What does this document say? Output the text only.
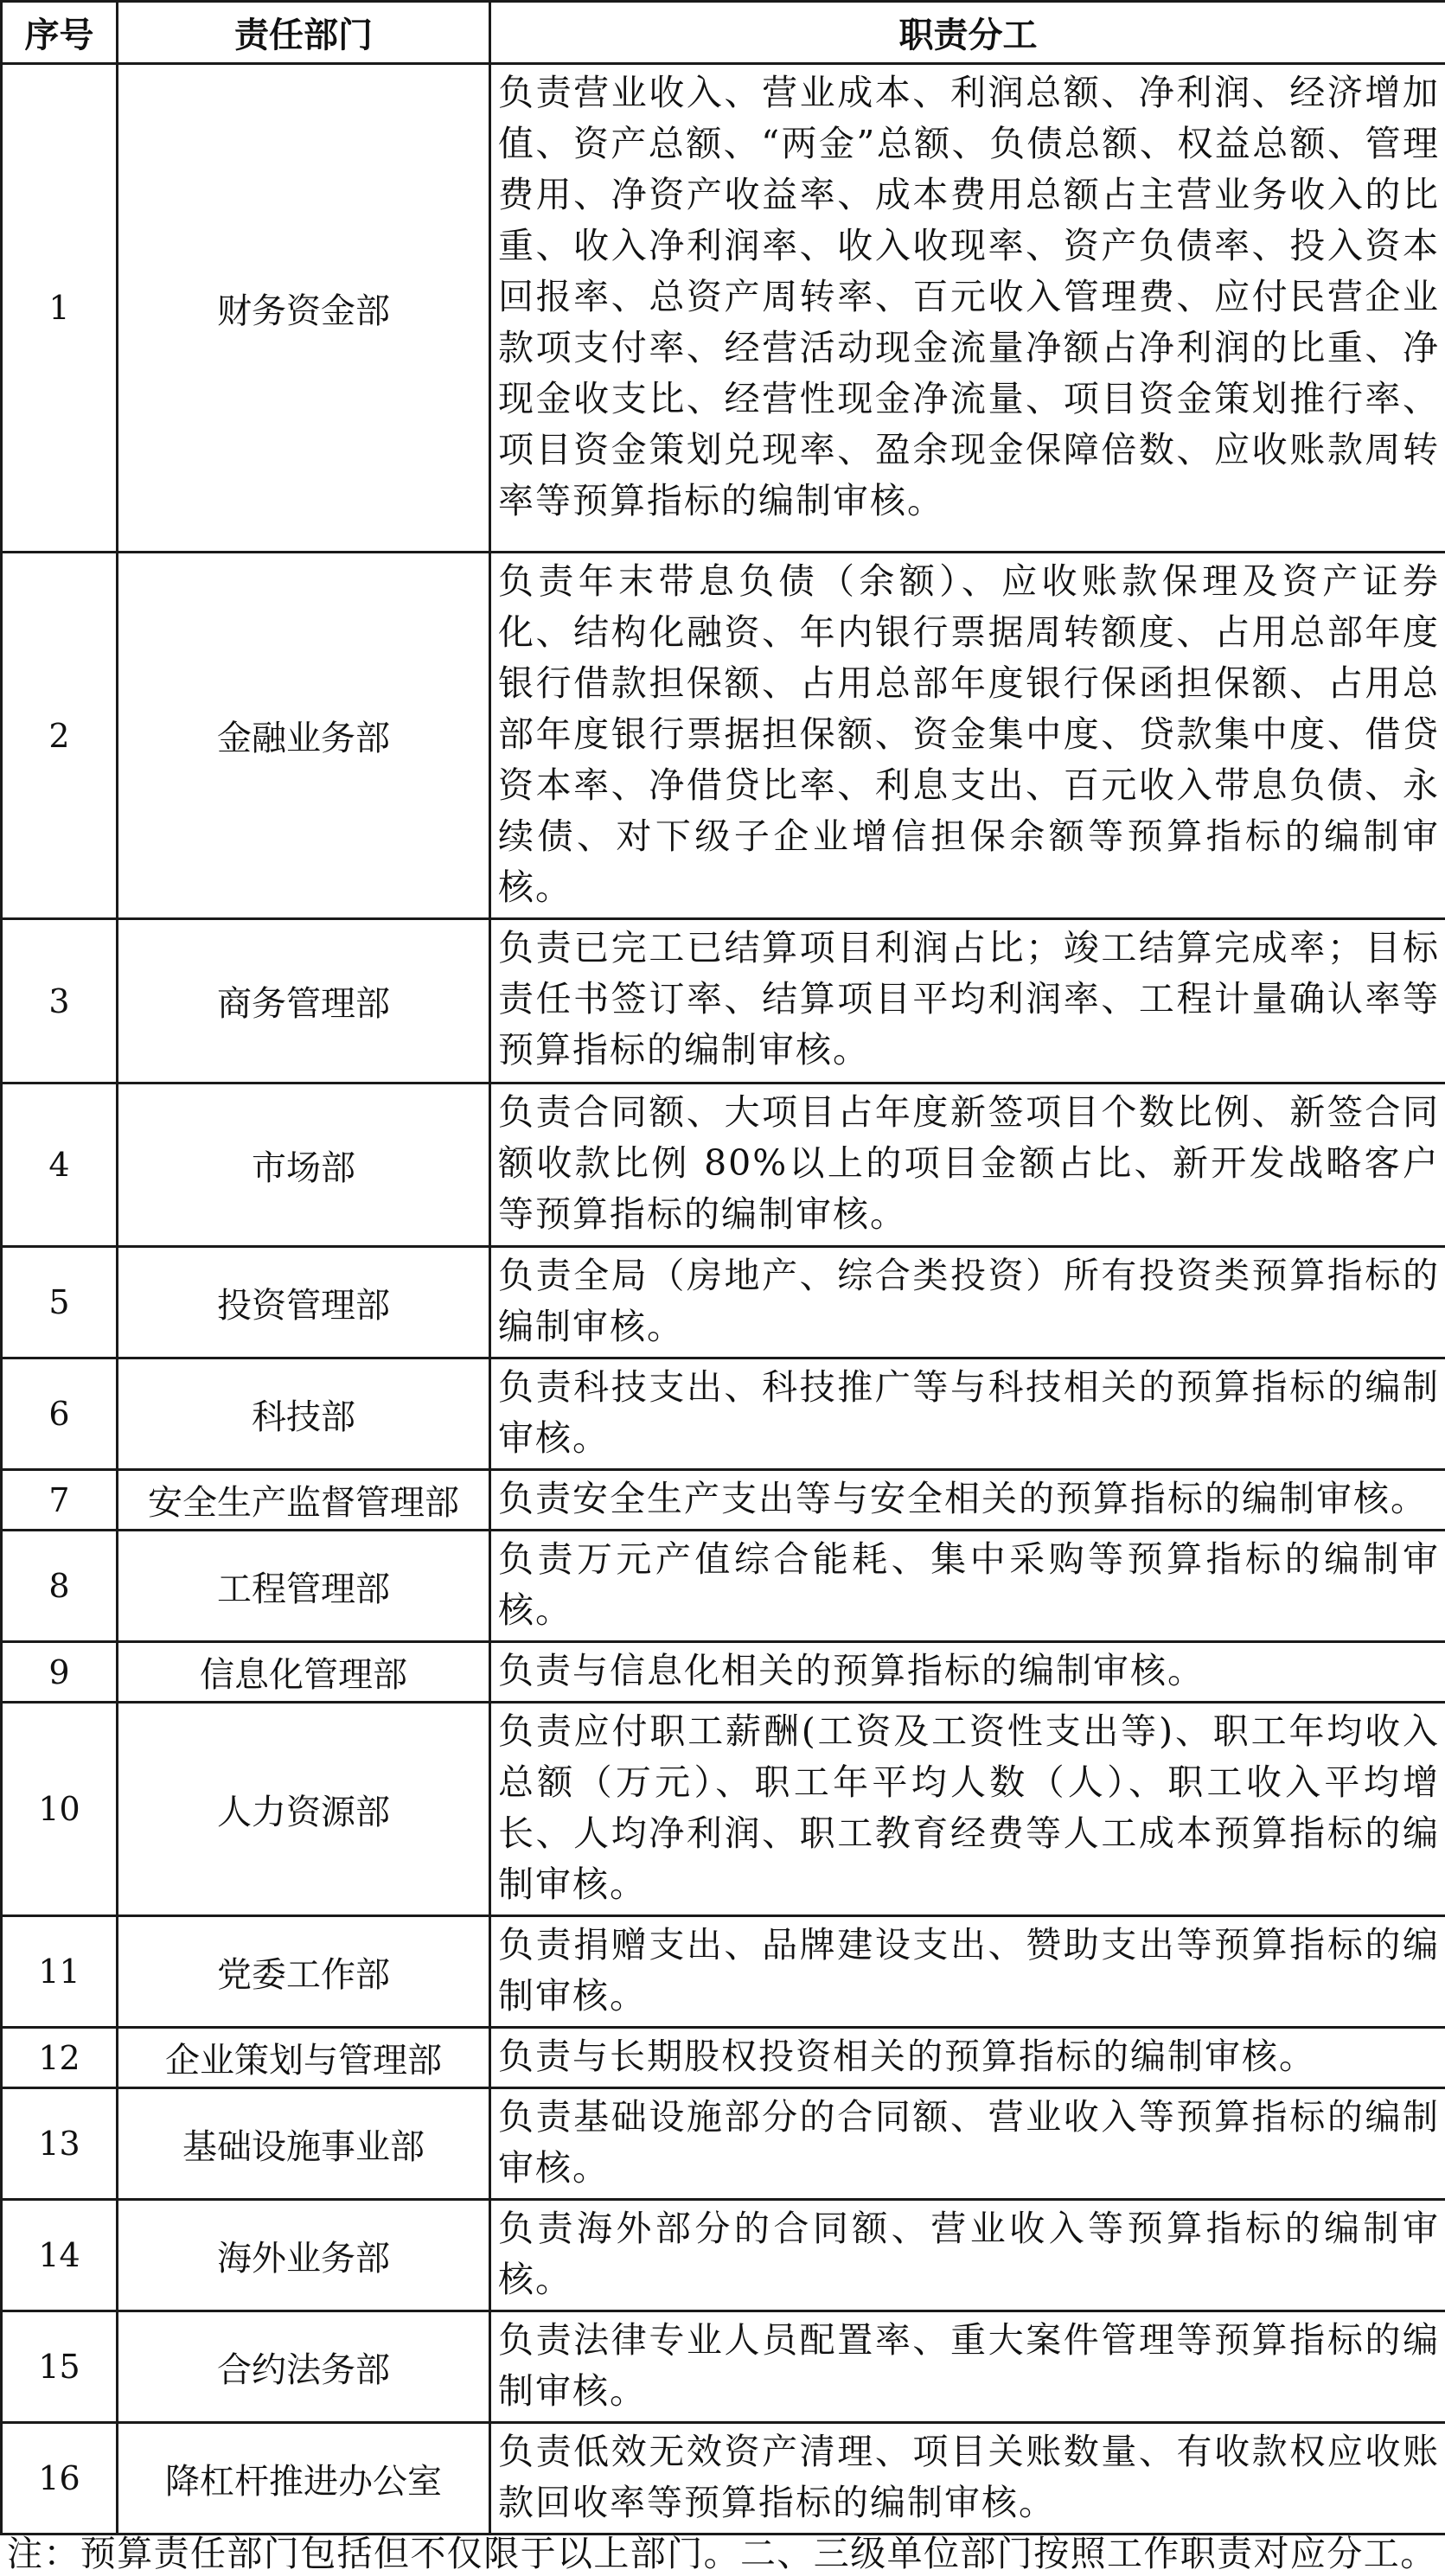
序号	责任部门	职责分工
1	财务资金部	负责营业收入、营业成本、利润总额、净利润、经济增加值、资产总额、“两金”总额、负债总额、权益总额、管理费用、净资产收益率、成本费用总额占主营业务收入的比重、收入净利润率、收入收现率、资产负债率、投入资本回报率、总资产周转率、百元收入管理费、应付民营企业款项支付率、经营活动现金流量净额占净利润的比重、净现金收支比、经营性现金净流量、项目资金策划推行率、项目资金策划兑现率、盈余现金保障倍数、应收账款周转率等预算指标的编制审核。
2	金融业务部	负责年末带息负债（余额）、应收账款保理及资产证券化、结构化融资、年内银行票据周转额度、占用总部年度银行借款担保额、占用总部年度银行保函担保额、占用总部年度银行票据担保额、资金集中度、贷款集中度、借贷资本率、净借贷比率、利息支出、百元收入带息负债、永续债、对下级子企业增信担保余额等预算指标的编制审核。
3	商务管理部	负责已完工已结算项目利润占比；竣工结算完成率；目标责任书签订率、结算项目平均利润率、工程计量确认率等预算指标的编制审核。
4	市场部	负责合同额、大项目占年度新签项目个数比例、新签合同额收款比例 80%以上的项目金额占比、新开发战略客户等预算指标的编制审核。
5	投资管理部	负责全局（房地产、综合类投资）所有投资类预算指标的编制审核。
6	科技部	负责科技支出、科技推广等与科技相关的预算指标的编制审核。
7	安全生产监督管理部	负责安全生产支出等与安全相关的预算指标的编制审核。
8	工程管理部	负责万元产值综合能耗、集中采购等预算指标的编制审核。
9	信息化管理部	负责与信息化相关的预算指标的编制审核。
10	人力资源部	负责应付职工薪酬(工资及工资性支出等)、职工年均收入总额（万元）、职工年平均人数（人）、职工收入平均增长、人均净利润、职工教育经费等人工成本预算指标的编制审核。
11	党委工作部	负责捐赠支出、品牌建设支出、赞助支出等预算指标的编制审核。
12	企业策划与管理部	负责与长期股权投资相关的预算指标的编制审核。
13	基础设施事业部	负责基础设施部分的合同额、营业收入等预算指标的编制审核。
14	海外业务部	负责海外部分的合同额、营业收入等预算指标的编制审核。
15	合约法务部	负责法律专业人员配置率、重大案件管理等预算指标的编制审核。
16	降杠杆推进办公室	负责低效无效资产清理、项目关账数量、有收款权应收账款回收率等预算指标的编制审核。
注：预算责任部门包括但不仅限于以上部门。二、三级单位部门按照工作职责对应分工。
